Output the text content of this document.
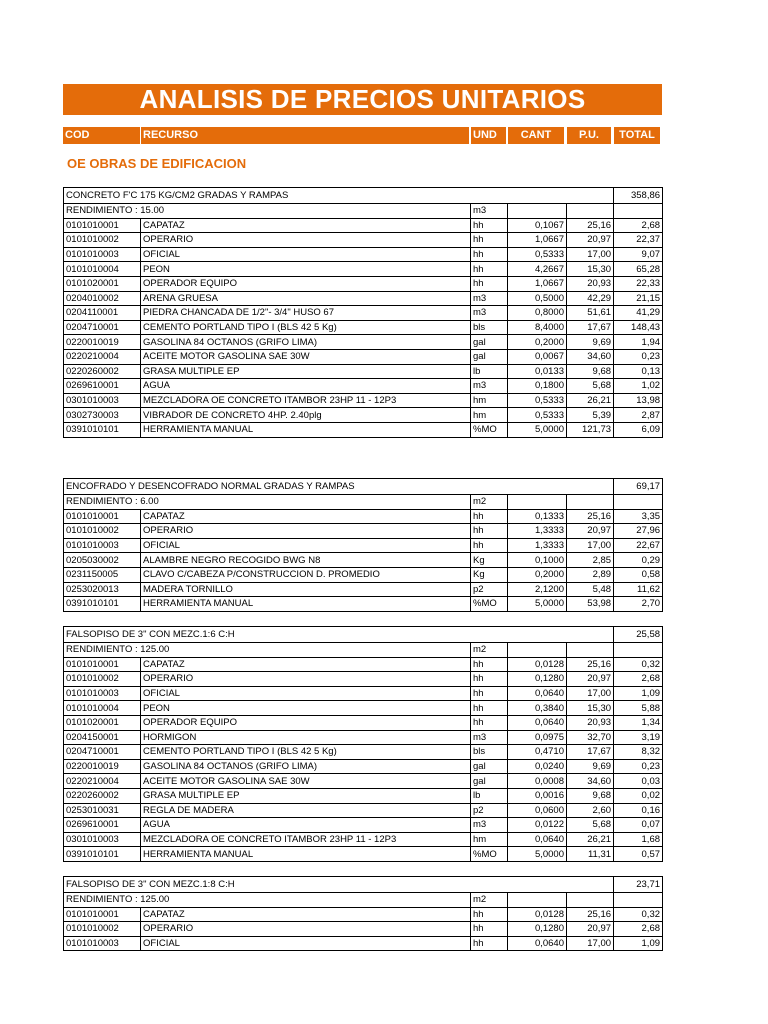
ANALISIS DE PRECIOS UNITARIOS
COD	RECURSO	UND	CANT	P.U.	TOTAL
OE OBRAS DE EDIFICACION
CONCRETO F'C 175 KG/CM2 GRADAS Y RAMPAS					358,86
RENDIMIENTO : 15.00		m3			
0101010001	CAPATAZ	hh	0,1067	25,16	2,68
0101010002	OPERARIO	hh	1,0667	20,97	22,37
0101010003	OFICIAL	hh	0,5333	17,00	9,07
0101010004	PEON	hh	4,2667	15,30	65,28
0101020001	OPERADOR EQUIPO	hh	1,0667	20,93	22,33
0204010002	ARENA GRUESA	m3	0,5000	42,29	21,15
0204110001	PIEDRA CHANCADA DE 1/2"- 3/4" HUSO 67	m3	0,8000	51,61	41,29
0204710001	CEMENTO PORTLAND TIPO I (BLS 42 5 Kg)	bls	8,4000	17,67	148,43
0220010019	GASOLINA 84 OCTANOS (GRIFO LIMA)	gal	0,2000	9,69	1,94
0220210004	ACEITE MOTOR GASOLINA SAE 30W	gal	0,0067	34,60	0,23
0220260002	GRASA MULTIPLE EP	lb	0,0133	9,68	0,13
0269610001	AGUA	m3	0,1800	5,68	1,02
0301010003	MEZCLADORA OE CONCRETO ITAMBOR 23HP 11 - 12P3	hm	0,5333	26,21	13,98
0302730003	VIBRADOR DE CONCRETO 4HP. 2.40plg	hm	0,5333	5,39	2,87
0391010101	HERRAMIENTA MANUAL	%MO	5,0000	121,73	6,09
ENCOFRADO Y DESENCOFRADO NORMAL GRADAS Y RAMPAS					69,17
RENDIMIENTO : 6.00		m2			
0101010001	CAPATAZ	hh	0,1333	25,16	3,35
0101010002	OPERARIO	hh	1,3333	20,97	27,96
0101010003	OFICIAL	hh	1,3333	17,00	22,67
0205030002	ALAMBRE NEGRO RECOGIDO BWG N8	Kg	0,1000	2,85	0,29
0231150005	CLAVO C/CABEZA P/CONSTRUCCION D. PROMEDIO	Kg	0,2000	2,89	0,58
0253020013	MADERA TORNILLO	p2	2,1200	5,48	11,62
0391010101	HERRAMIENTA MANUAL	%MO	5,0000	53,98	2,70
FALSOPISO DE 3" CON MEZC.1:6 C:H					25,58
RENDIMIENTO : 125.00		m2			
0101010001	CAPATAZ	hh	0,0128	25,16	0,32
0101010002	OPERARIO	hh	0,1280	20,97	2,68
0101010003	OFICIAL	hh	0,0640	17,00	1,09
0101010004	PEON	hh	0,3840	15,30	5,88
0101020001	OPERADOR EQUIPO	hh	0,0640	20,93	1,34
0204150001	HORMIGON	m3	0,0975	32,70	3,19
0204710001	CEMENTO PORTLAND TIPO I (BLS 42 5 Kg)	bls	0,4710	17,67	8,32
0220010019	GASOLINA 84 OCTANOS (GRIFO LIMA)	gal	0,0240	9,69	0,23
0220210004	ACEITE MOTOR GASOLINA SAE 30W	gal	0,0008	34,60	0,03
0220260002	GRASA MULTIPLE EP	lb	0,0016	9,68	0,02
0253010031	REGLA DE MADERA	p2	0,0600	2,60	0,16
0269610001	AGUA	m3	0,0122	5,68	0,07
0301010003	MEZCLADORA OE CONCRETO ITAMBOR 23HP 11 - 12P3	hm	0,0640	26,21	1,68
0391010101	HERRAMIENTA MANUAL	%MO	5,0000	11,31	0,57
FALSOPISO DE 3" CON MEZC.1:8 C:H					23,71
RENDIMIENTO : 125.00		m2			
0101010001	CAPATAZ	hh	0,0128	25,16	0,32
0101010002	OPERARIO	hh	0,1280	20,97	2,68
0101010003	OFICIAL	hh	0,0640	17,00	1,09
